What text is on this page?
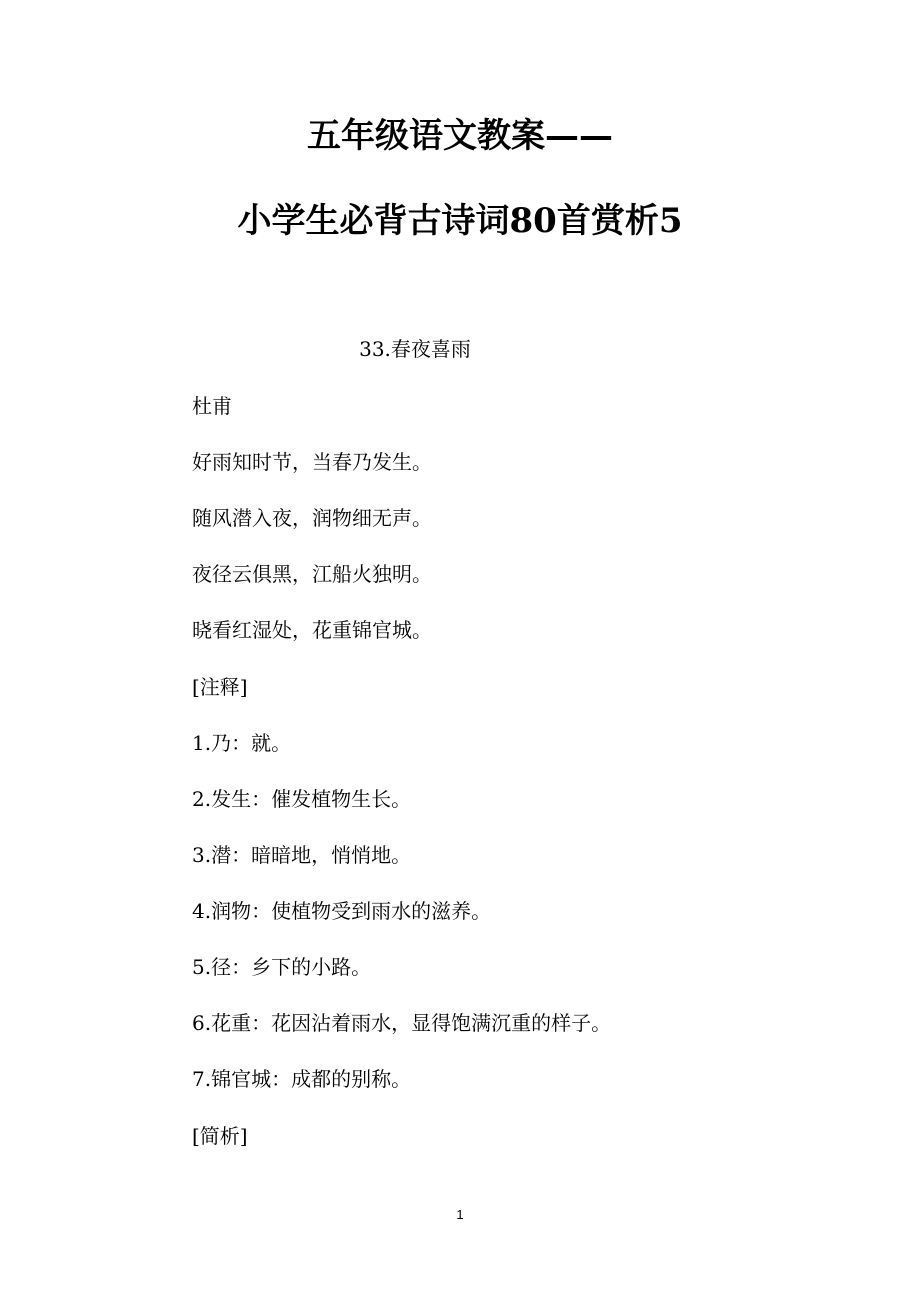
五年级语文教案——
小学生必背古诗词80首赏析5
33.春夜喜雨
杜甫
好雨知时节，当春乃发生。
随风潜入夜，润物细无声。
夜径云俱黑，江船火独明。
晓看红湿处，花重锦官城。
[注释]
1.乃：就。
2.发生：催发植物生长。
3.潜：暗暗地，悄悄地。
4.润物：使植物受到雨水的滋养。
5.径：乡下的小路。
6.花重：花因沾着雨水，显得饱满沉重的样子。
7.锦官城：成都的别称。
[简析]
1
